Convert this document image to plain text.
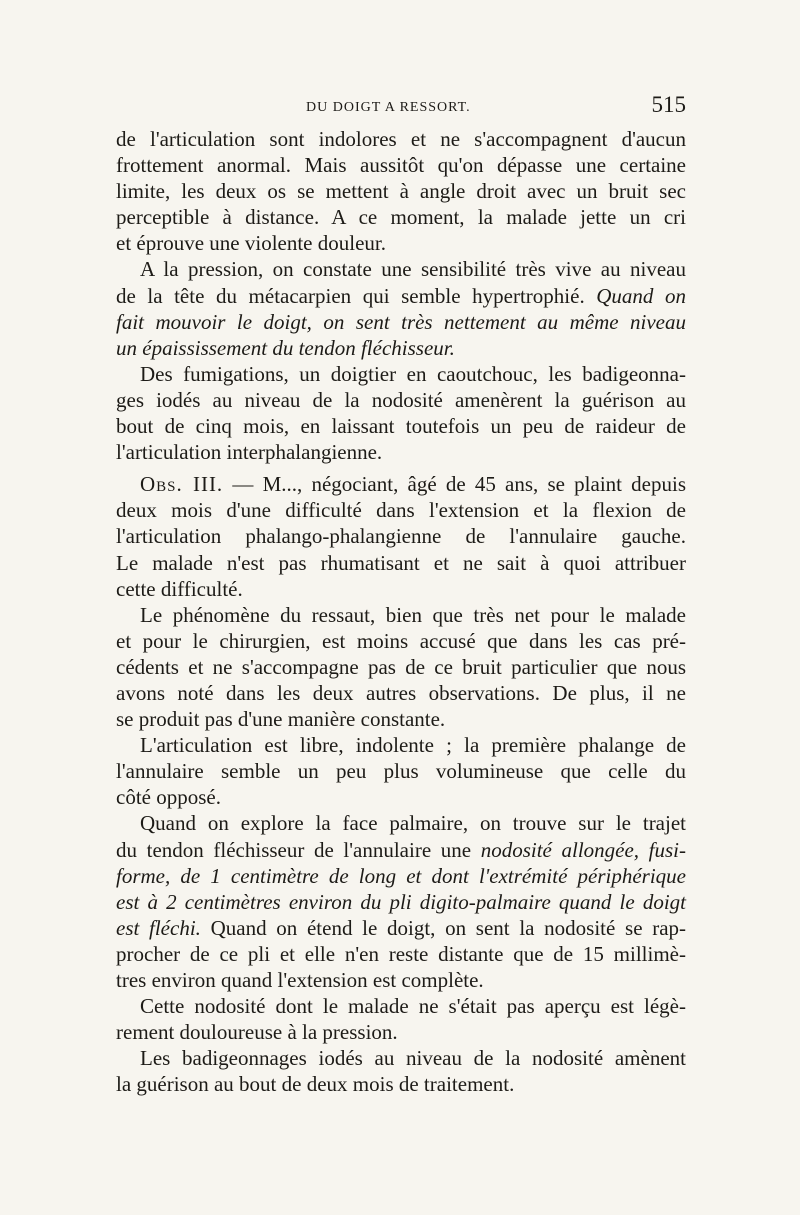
DU DOIGT A RESSORT.	515
de l'articulation sont indolores et ne s'accompagnent d'aucun
frottement anormal. Mais aussitôt qu'on dépasse une certaine
limite, les deux os se mettent à angle droit avec un bruit sec
perceptible à distance. A ce moment, la malade jette un cri
et éprouve une violente douleur.
A la pression, on constate une sensibilité très vive au niveau
de la tête du métacarpien qui semble hypertrophié. Quand on
fait mouvoir le doigt, on sent très nettement au même niveau
un épaississement du tendon fléchisseur.
Des fumigations, un doigtier en caoutchouc, les badigeonna-
ges iodés au niveau de la nodosité amenèrent la guérison au
bout de cinq mois, en laissant toutefois un peu de raideur de
l'articulation interphalangienne.
Obs. III. — M..., négociant, âgé de 45 ans, se plaint depuis
deux mois d'une difficulté dans l'extension et la flexion de
l'articulation phalango-phalangienne de l'annulaire gauche.
Le malade n'est pas rhumatisant et ne sait à quoi attribuer
cette difficulté.
Le phénomène du ressaut, bien que très net pour le malade
et pour le chirurgien, est moins accusé que dans les cas pré-
cédents et ne s'accompagne pas de ce bruit particulier que nous
avons noté dans les deux autres observations. De plus, il ne
se produit pas d'une manière constante.
L'articulation est libre, indolente ; la première phalange de
l'annulaire semble un peu plus volumineuse que celle du
côté opposé.
Quand on explore la face palmaire, on trouve sur le trajet
du tendon fléchisseur de l'annulaire une nodosité allongée, fusi-
forme, de 1 centimètre de long et dont l'extrémité périphérique
est à 2 centimètres environ du pli digito-palmaire quand le doigt
est fléchi. Quand on étend le doigt, on sent la nodosité se rap-
procher de ce pli et elle n'en reste distante que de 15 millimè-
tres environ quand l'extension est complète.
Cette nodosité dont le malade ne s'était pas aperçu est légè-
rement douloureuse à la pression.
Les badigeonnages iodés au niveau de la nodosité amènent
la guérison au bout de deux mois de traitement.
